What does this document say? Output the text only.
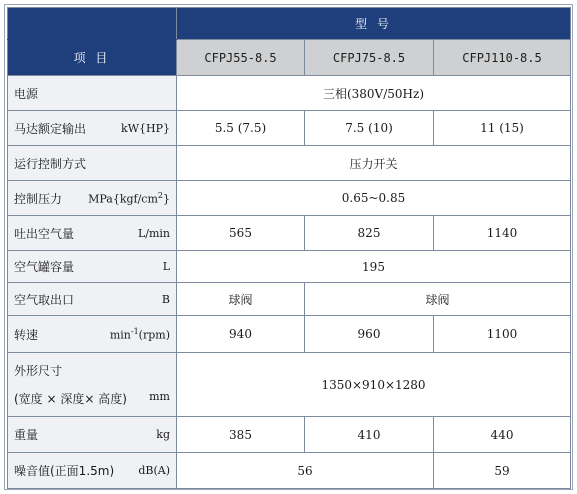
	型 号		
项 目	CFPJ55-8.5	CFPJ75-8.5	CFPJ110-8.5
电源	三相(380V/50Hz)		

马达额定输出 kW{HP}	5.5 (7.5)	7.5 (10)	11 (15)
运行控制方式	压力开关		

控制压力 $MPa\{kgf/cm^2\}$	0.65~0.85		

吐出空气量 L/min	565	825	1140

空气罐容量 L	195		

空气取出口 B	球阀	球阀	

转速 $\min^{-1}(rpm)$	940	960	1100

外形尺寸
(宽度 × 深度× 高度) mm	1350×910×1280		

重量 kg	385	410	440

噪音值(正面1.5m) dB(A)	56		59
